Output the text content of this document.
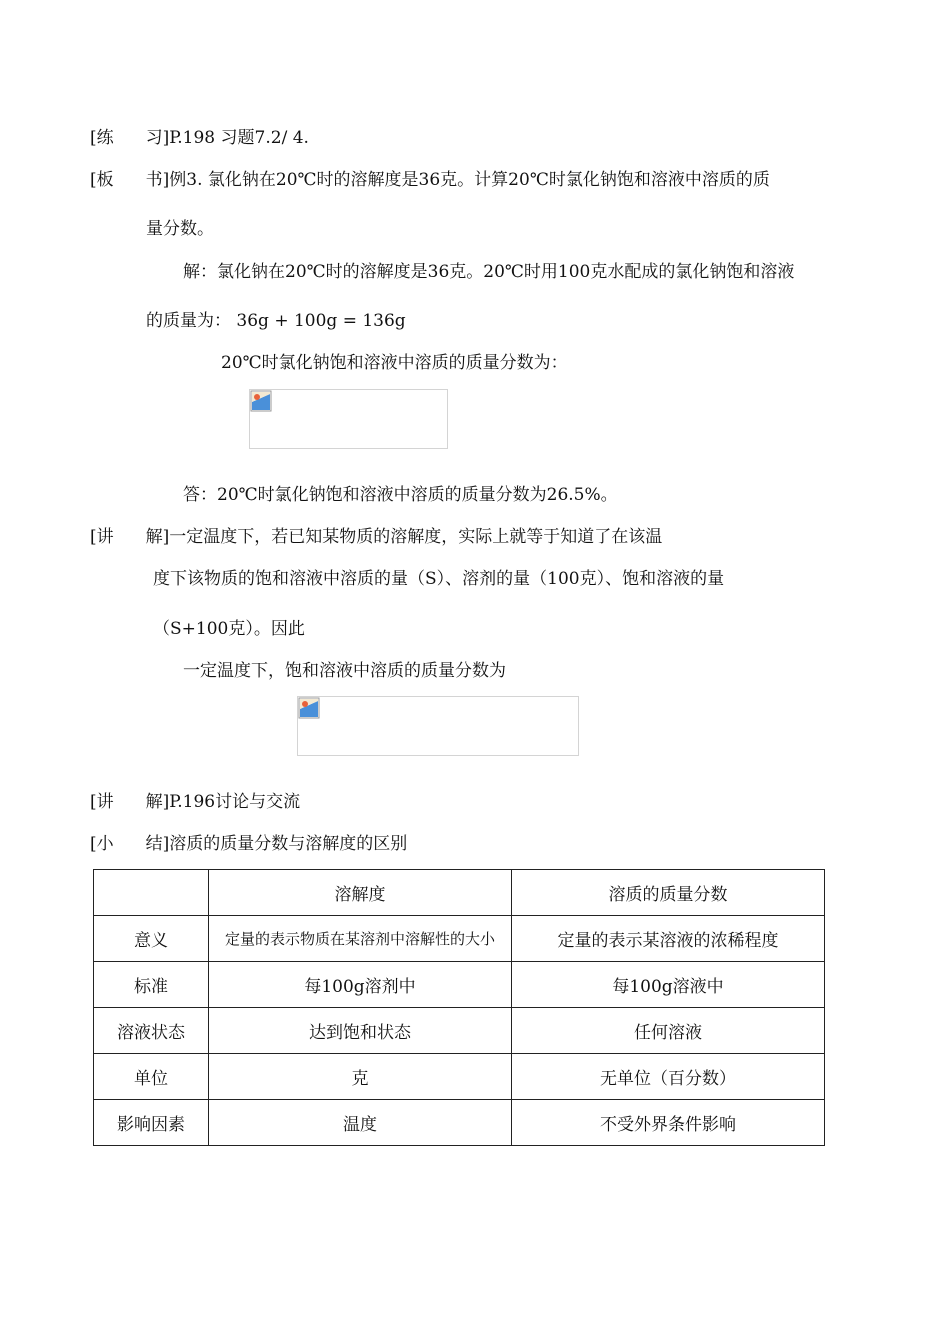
[练 习]P.198 习题7.2/ 4.
[板 书]例3. 氯化钠在20℃时的溶解度是36克。计算20℃时氯化钠饱和溶液中溶质的质
量分数。
解：氯化钠在20℃时的溶解度是36克。20℃时用100克水配成的氯化钠饱和溶液
的质量为： 36g + 100g = 136g
20℃时氯化钠饱和溶液中溶质的质量分数为：
答：20℃时氯化钠饱和溶液中溶质的质量分数为26.5%。
[讲 解]一定温度下，若已知某物质的溶解度，实际上就等于知道了在该温
度下该物质的饱和溶液中溶质的量（S）、溶剂的量（100克）、饱和溶液的量
（S+100克）。因此
一定温度下，饱和溶液中溶质的质量分数为
[讲 解]P.196讨论与交流
[小 结]溶质的质量分数与溶解度的区别
	溶解度	溶质的质量分数
意义	定量的表示物质在某溶剂中溶解性的大小	定量的表示某溶液的浓稀程度
标准	每100g溶剂中	每100g溶液中
溶液状态	达到饱和状态	任何溶液
单位	克	无单位（百分数）
影响因素	温度	不受外界条件影响
